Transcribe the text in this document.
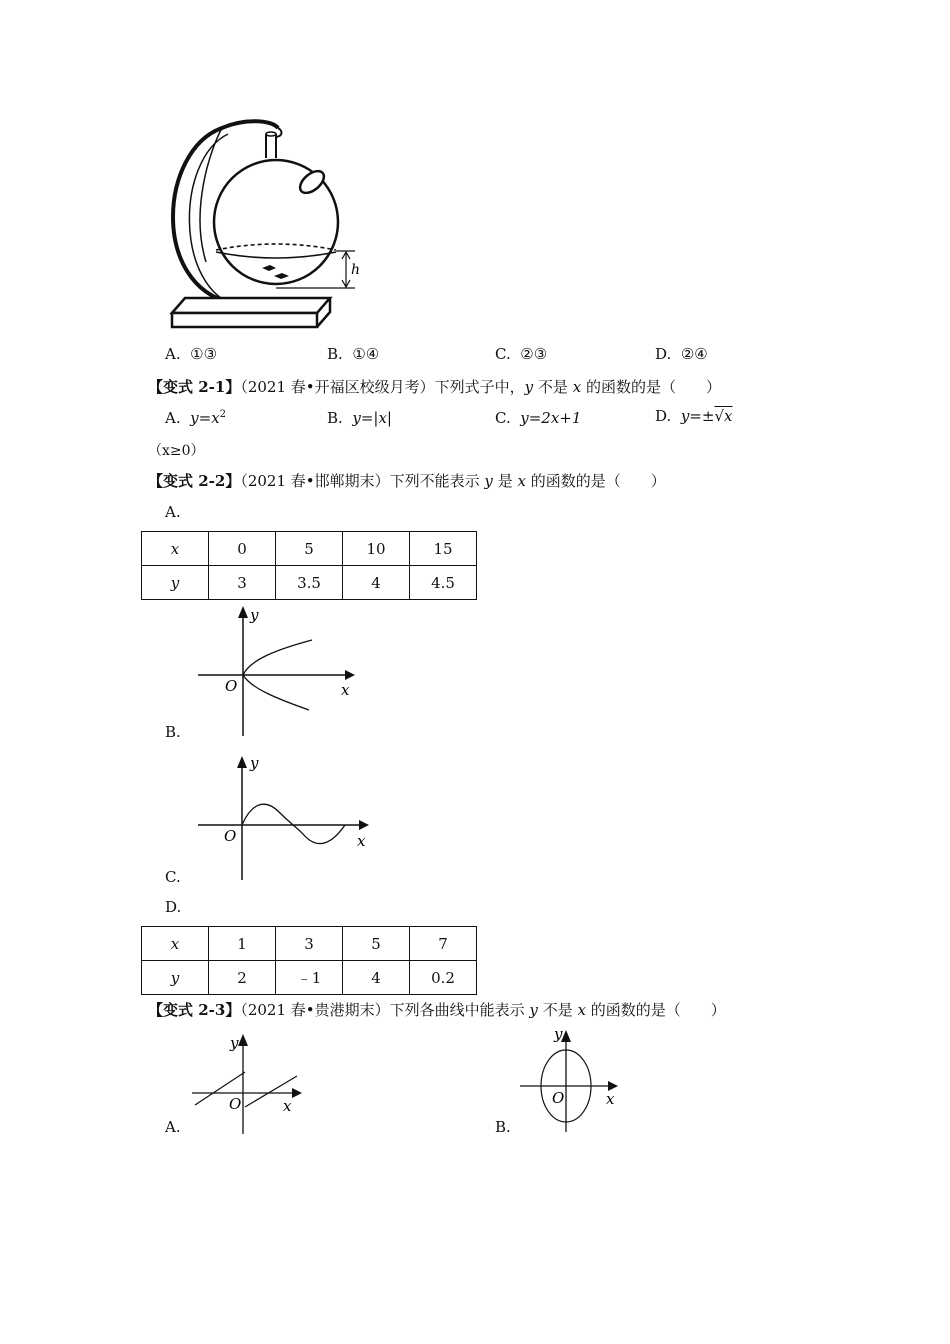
h
A. ①③	B. ①④	C. ②③	D. ②④
【变式 2-1】（2021 春•开福区校级月考）下列式子中，y 不是 x 的函数的是（　　）
A. $y=x^2$	B. y=|x|	C. y=2x+1	D. y=±√x
（x≥0）
【变式 2-2】（2021 春•邯郸期末）下列不能表示 y 是 x 的函数的是（　　）
A.
x	0	5	10	15
y	3	3.5	4	4.5
y
x
O
B.
y
x
O
C.
D.
x	1	3	5	7
y	2	﹣1	4	0.2
【变式 2-3】（2021 春•贵港期末）下列各曲线中能表示 y 不是 x 的函数的是（　　）
y
x
O
A.
y
x
O
B.
